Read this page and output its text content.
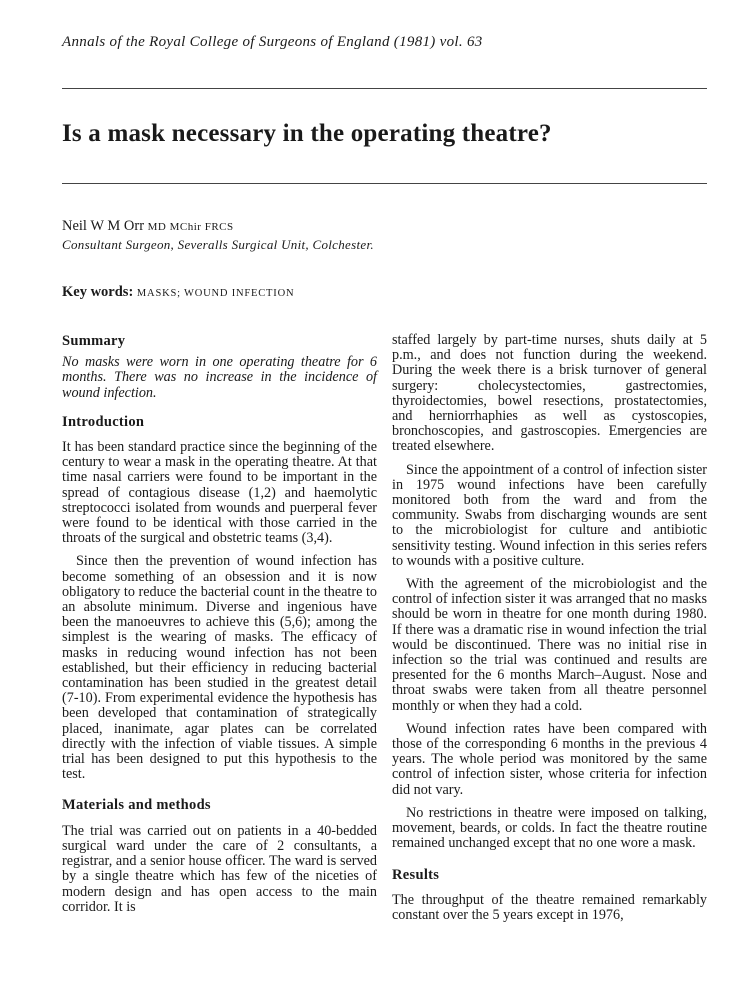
Annals of the Royal College of Surgeons of England (1981) vol. 63
Is a mask necessary in the operating theatre?
Neil W M Orr MD MChir FRCS
Consultant Surgeon, Severalls Surgical Unit, Colchester.
Key words: MASKS; WOUND INFECTION
Summary

No masks were worn in one operating theatre for 6 months. There was no increase in the incidence of wound infection.

Introduction

It has been standard practice since the beginning of the century to wear a mask in the operating theatre. At that time nasal carriers were found to be important in the spread of contagious disease (1,2) and haemolytic streptococci isolated from wounds and puerperal fever were found to be identical with those carried in the throats of the surgical and obstetric teams (3,4).

Since then the prevention of wound infection has become something of an obsession and it is now obligatory to reduce the bacterial count in the theatre to an absolute minimum. Diverse and ingenious have been the manoeuvres to achieve this (5,6); among the simplest is the wearing of masks. The efficacy of masks in reducing wound infection has not been established, but their efficiency in reducing bacterial contamination has been studied in the greatest detail (7-10). From experimental evidence the hypothesis has been developed that contamination of strategically placed, inanimate, agar plates can be correlated directly with the infection of viable tissues. A simple trial has been designed to put this hypothesis to the test.

Materials and methods

The trial was carried out on patients in a 40-bedded surgical ward under the care of 2 consultants, a registrar, and a senior house officer. The ward is served by a single theatre which has few of the niceties of modern design and has open access to the main corridor. It is

staffed largely by part-time nurses, shuts daily at 5 p.m., and does not function during the weekend. During the week there is a brisk turnover of general surgery: cholecystectomies, gastrectomies, thyroidectomies, bowel resections, prostatectomies, and herniorrhaphies as well as cystoscopies, bronchoscopies, and gastroscopies. Emergencies are treated elsewhere.

Since the appointment of a control of infection sister in 1975 wound infections have been carefully monitored both from the ward and from the community. Swabs from discharging wounds are sent to the microbiologist for culture and antibiotic sensitivity testing. Wound infection in this series refers to wounds with a positive culture.

With the agreement of the microbiologist and the control of infection sister it was arranged that no masks should be worn in theatre for one month during 1980. If there was a dramatic rise in wound infection the trial would be discontinued. There was no initial rise in infection so the trial was continued and results are presented for the 6 months March–August. Nose and throat swabs were taken from all theatre personnel monthly or when they had a cold.

Wound infection rates have been compared with those of the corresponding 6 months in the previous 4 years. The whole period was monitored by the same control of infection sister, whose criteria for infection did not vary.

No restrictions in theatre were imposed on talking, movement, beards, or colds. In fact the theatre routine remained unchanged except that no one wore a mask.

Results

The throughput of the theatre remained remarkably constant over the 5 years except in 1976,
